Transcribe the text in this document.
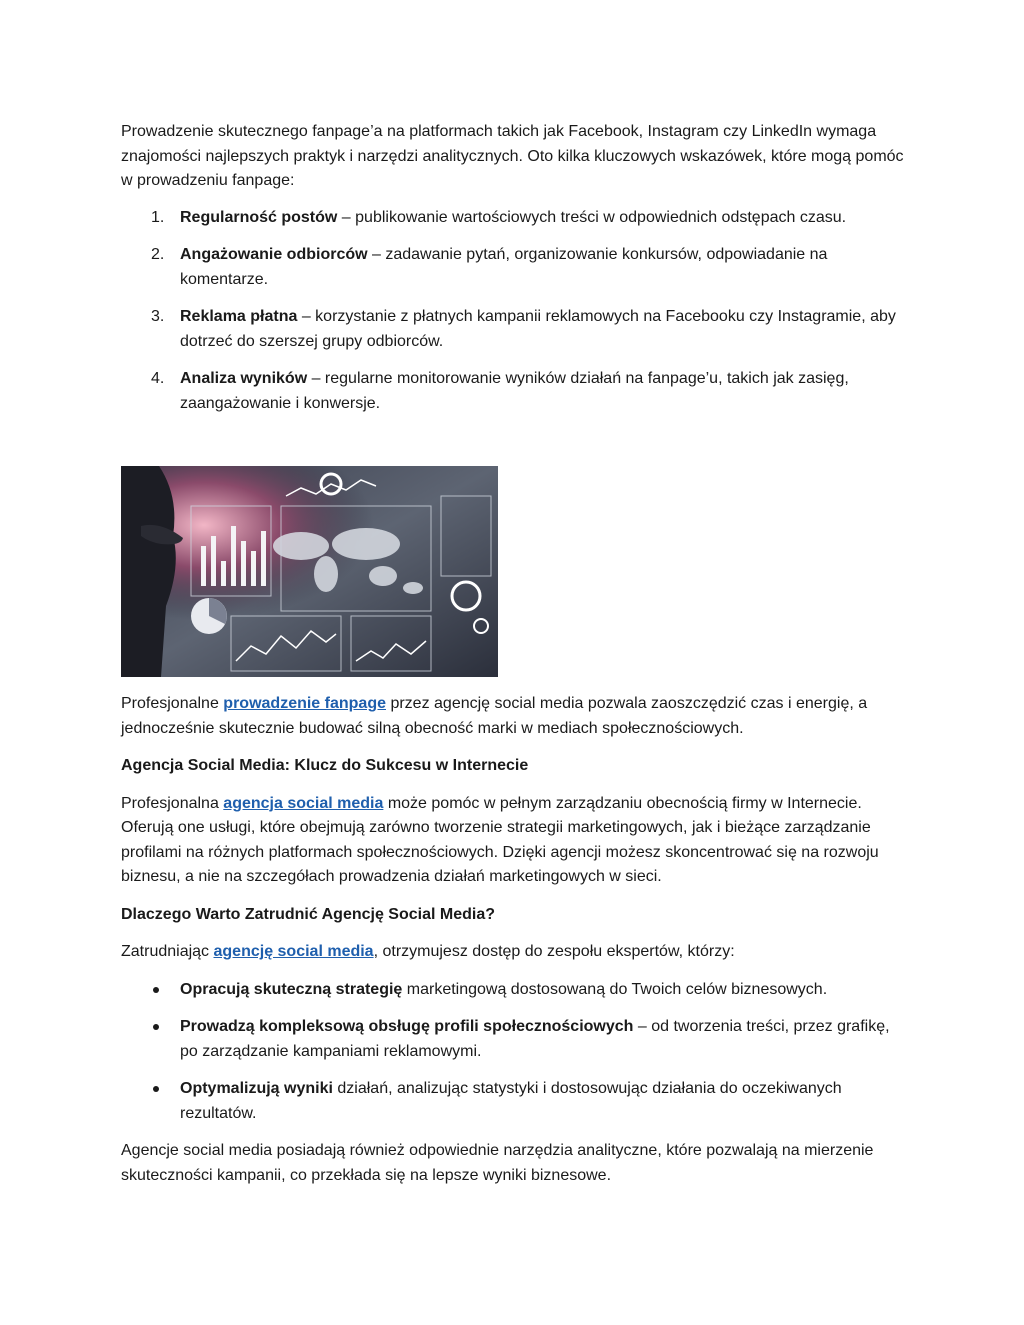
Prowadzenie skutecznego fanpage’a na platformach takich jak Facebook, Instagram czy LinkedIn wymaga znajomości najlepszych praktyk i narzędzi analitycznych. Oto kilka kluczowych wskazówek, które mogą pomóc w prowadzeniu fanpage:

1. Regularność postów – publikowanie wartościowych treści w odpowiednich odstępach czasu.
2. Angażowanie odbiorców – zadawanie pytań, organizowanie konkursów, odpowiadanie na komentarze.
3. Reklama płatna – korzystanie z płatnych kampanii reklamowych na Facebooku czy Instagramie, aby dotrzeć do szerszej grupy odbiorców.
4. Analiza wyników – regularne monitorowanie wyników działań na fanpage’u, takich jak zasięg, zaangażowanie i konwersje.

Profesjonalne prowadzenie fanpage przez agencję social media pozwala zaoszczędzić czas i energię, a jednocześnie skutecznie budować silną obecność marki w mediach społecznościowych.

Agencja Social Media: Klucz do Sukcesu w Internecie

Profesjonalna agencja social media może pomóc w pełnym zarządzaniu obecnością firmy w Internecie. Oferują one usługi, które obejmują zarówno tworzenie strategii marketingowych, jak i bieżące zarządzanie profilami na różnych platformach społecznościowych. Dzięki agencji możesz skoncentrować się na rozwoju biznesu, a nie na szczegółach prowadzenia działań marketingowych w sieci.

Dlaczego Warto Zatrudnić Agencję Social Media?

Zatrudniając agencję social media, otrzymujesz dostęp do zespołu ekspertów, którzy:

Opracują skuteczną strategię marketingową dostosowaną do Twoich celów biznesowych.
Prowadzą kompleksową obsługę profili społecznościowych – od tworzenia treści, przez grafikę, po zarządzanie kampaniami reklamowymi.
Optymalizują wyniki działań, analizując statystyki i dostosowując działania do oczekiwanych rezultatów.

Agencje social media posiadają również odpowiednie narzędzia analityczne, które pozwalają na mierzenie skuteczności kampanii, co przekłada się na lepsze wyniki biznesowe.
